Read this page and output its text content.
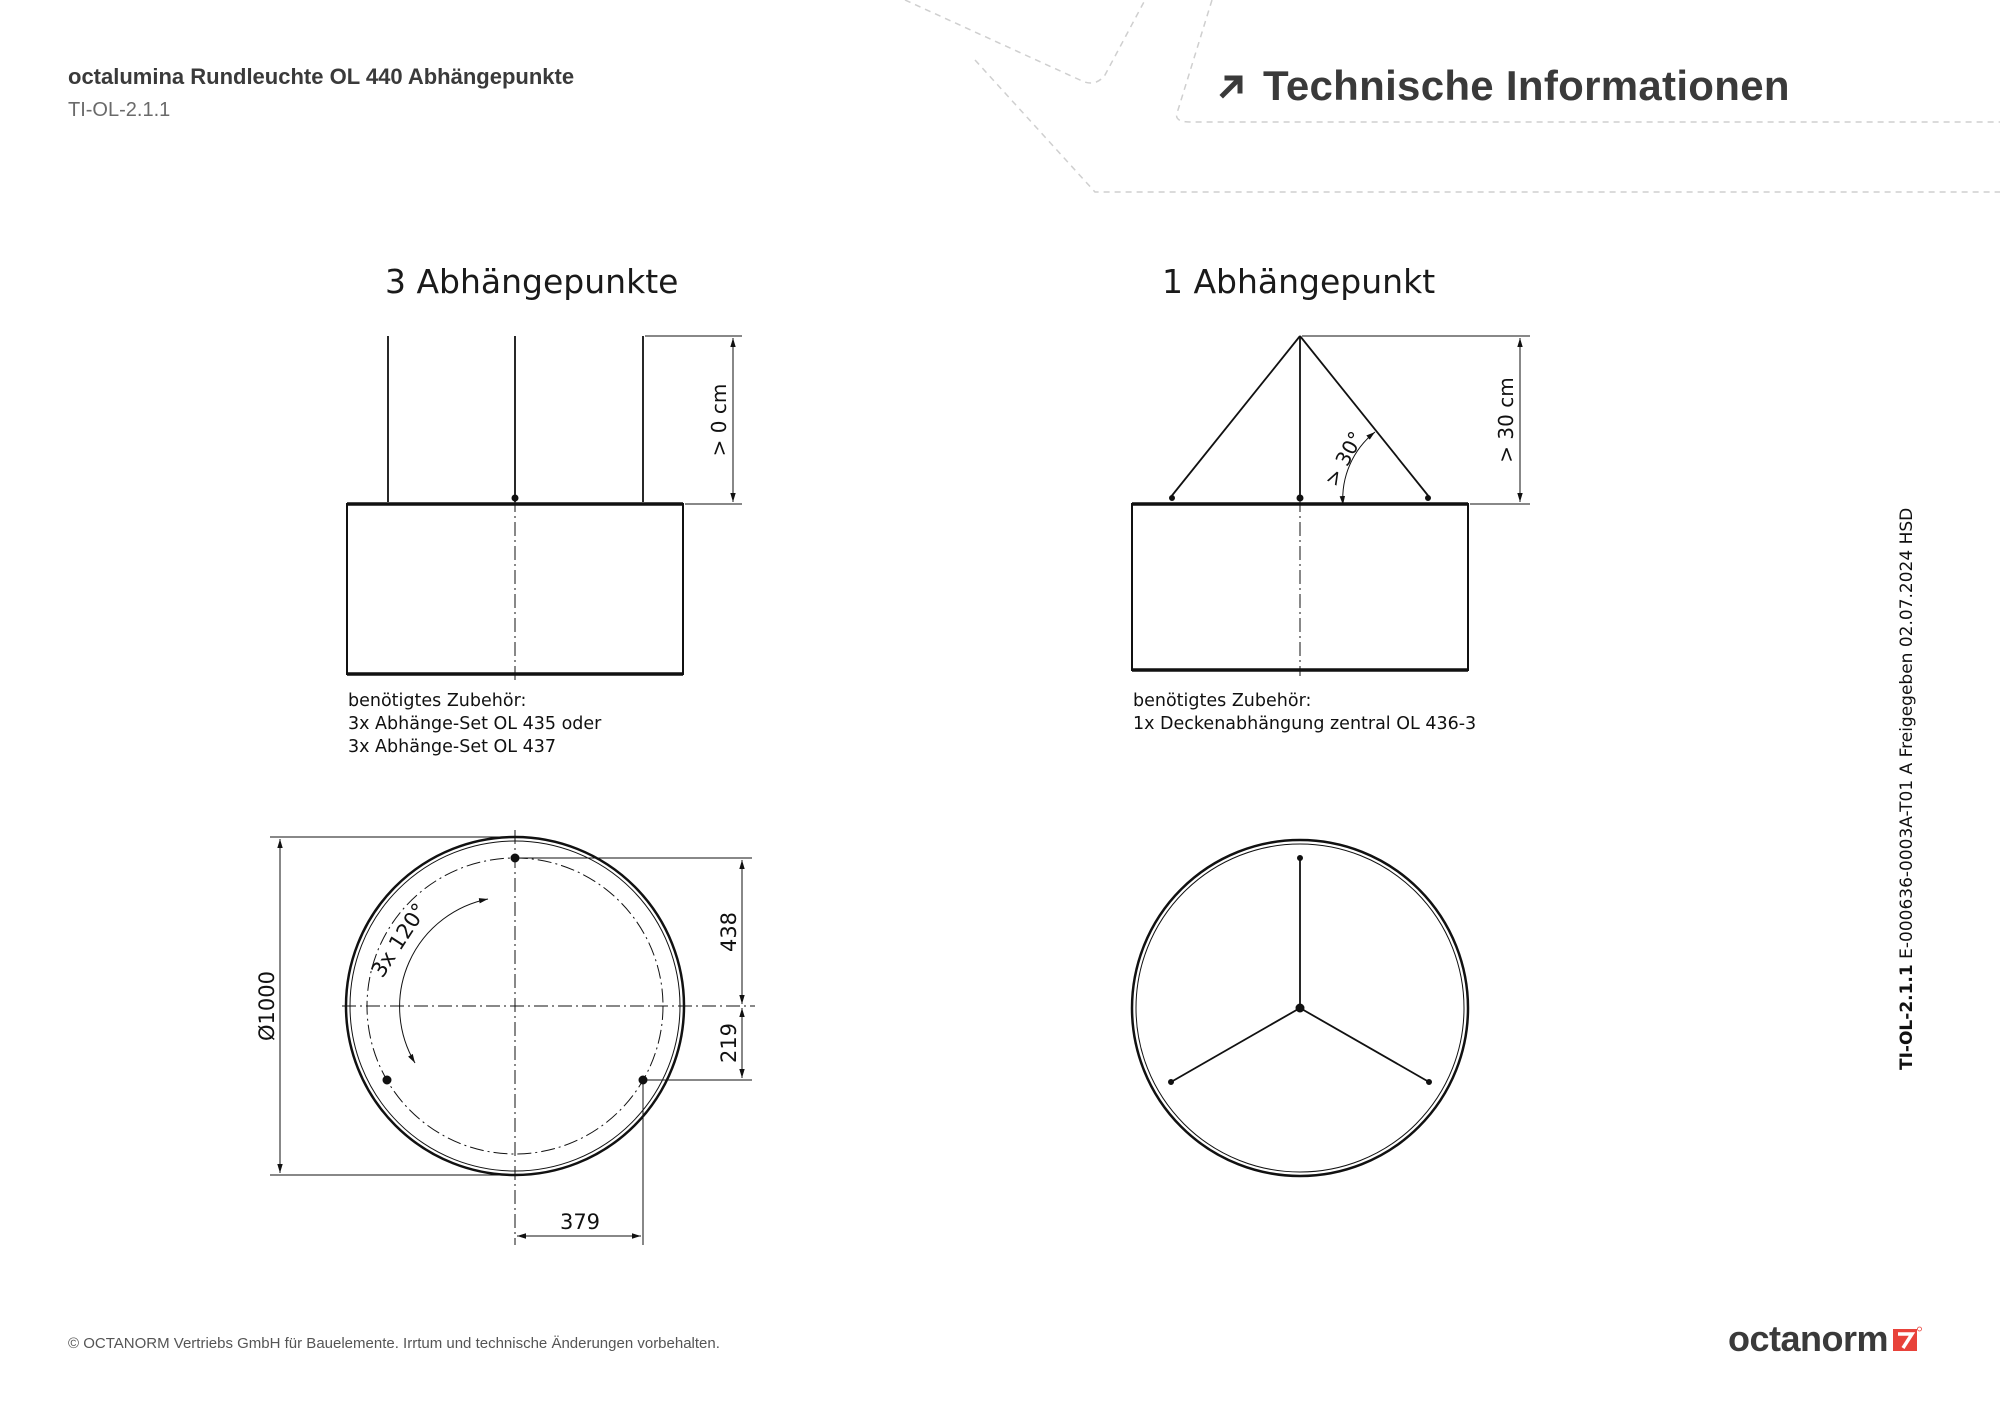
octalumina Rundleuchte OL 440 Abhängepunkte
TI-OL-2.1.1
Technische Informationen
3 Abhängepunkte	1 Abhängepunkt
> 0 cm	> 30 cm
> 30°
Ø1000
438
219
379
3x 120°
benötigtes Zubehör:
3x Abhänge-Set OL 435 oder
3x Abhänge-Set OL 437
benötigtes Zubehör:
1x Deckenabhängung zentral OL 436-3
TI-OL-2.1.1 E-000636-0003A-T01 A Freigegeben 02.07.2024 HSD
© OCTANORM Vertriebs GmbH für Bauelemente. Irrtum und technische Änderungen vorbehalten.	octanorm
